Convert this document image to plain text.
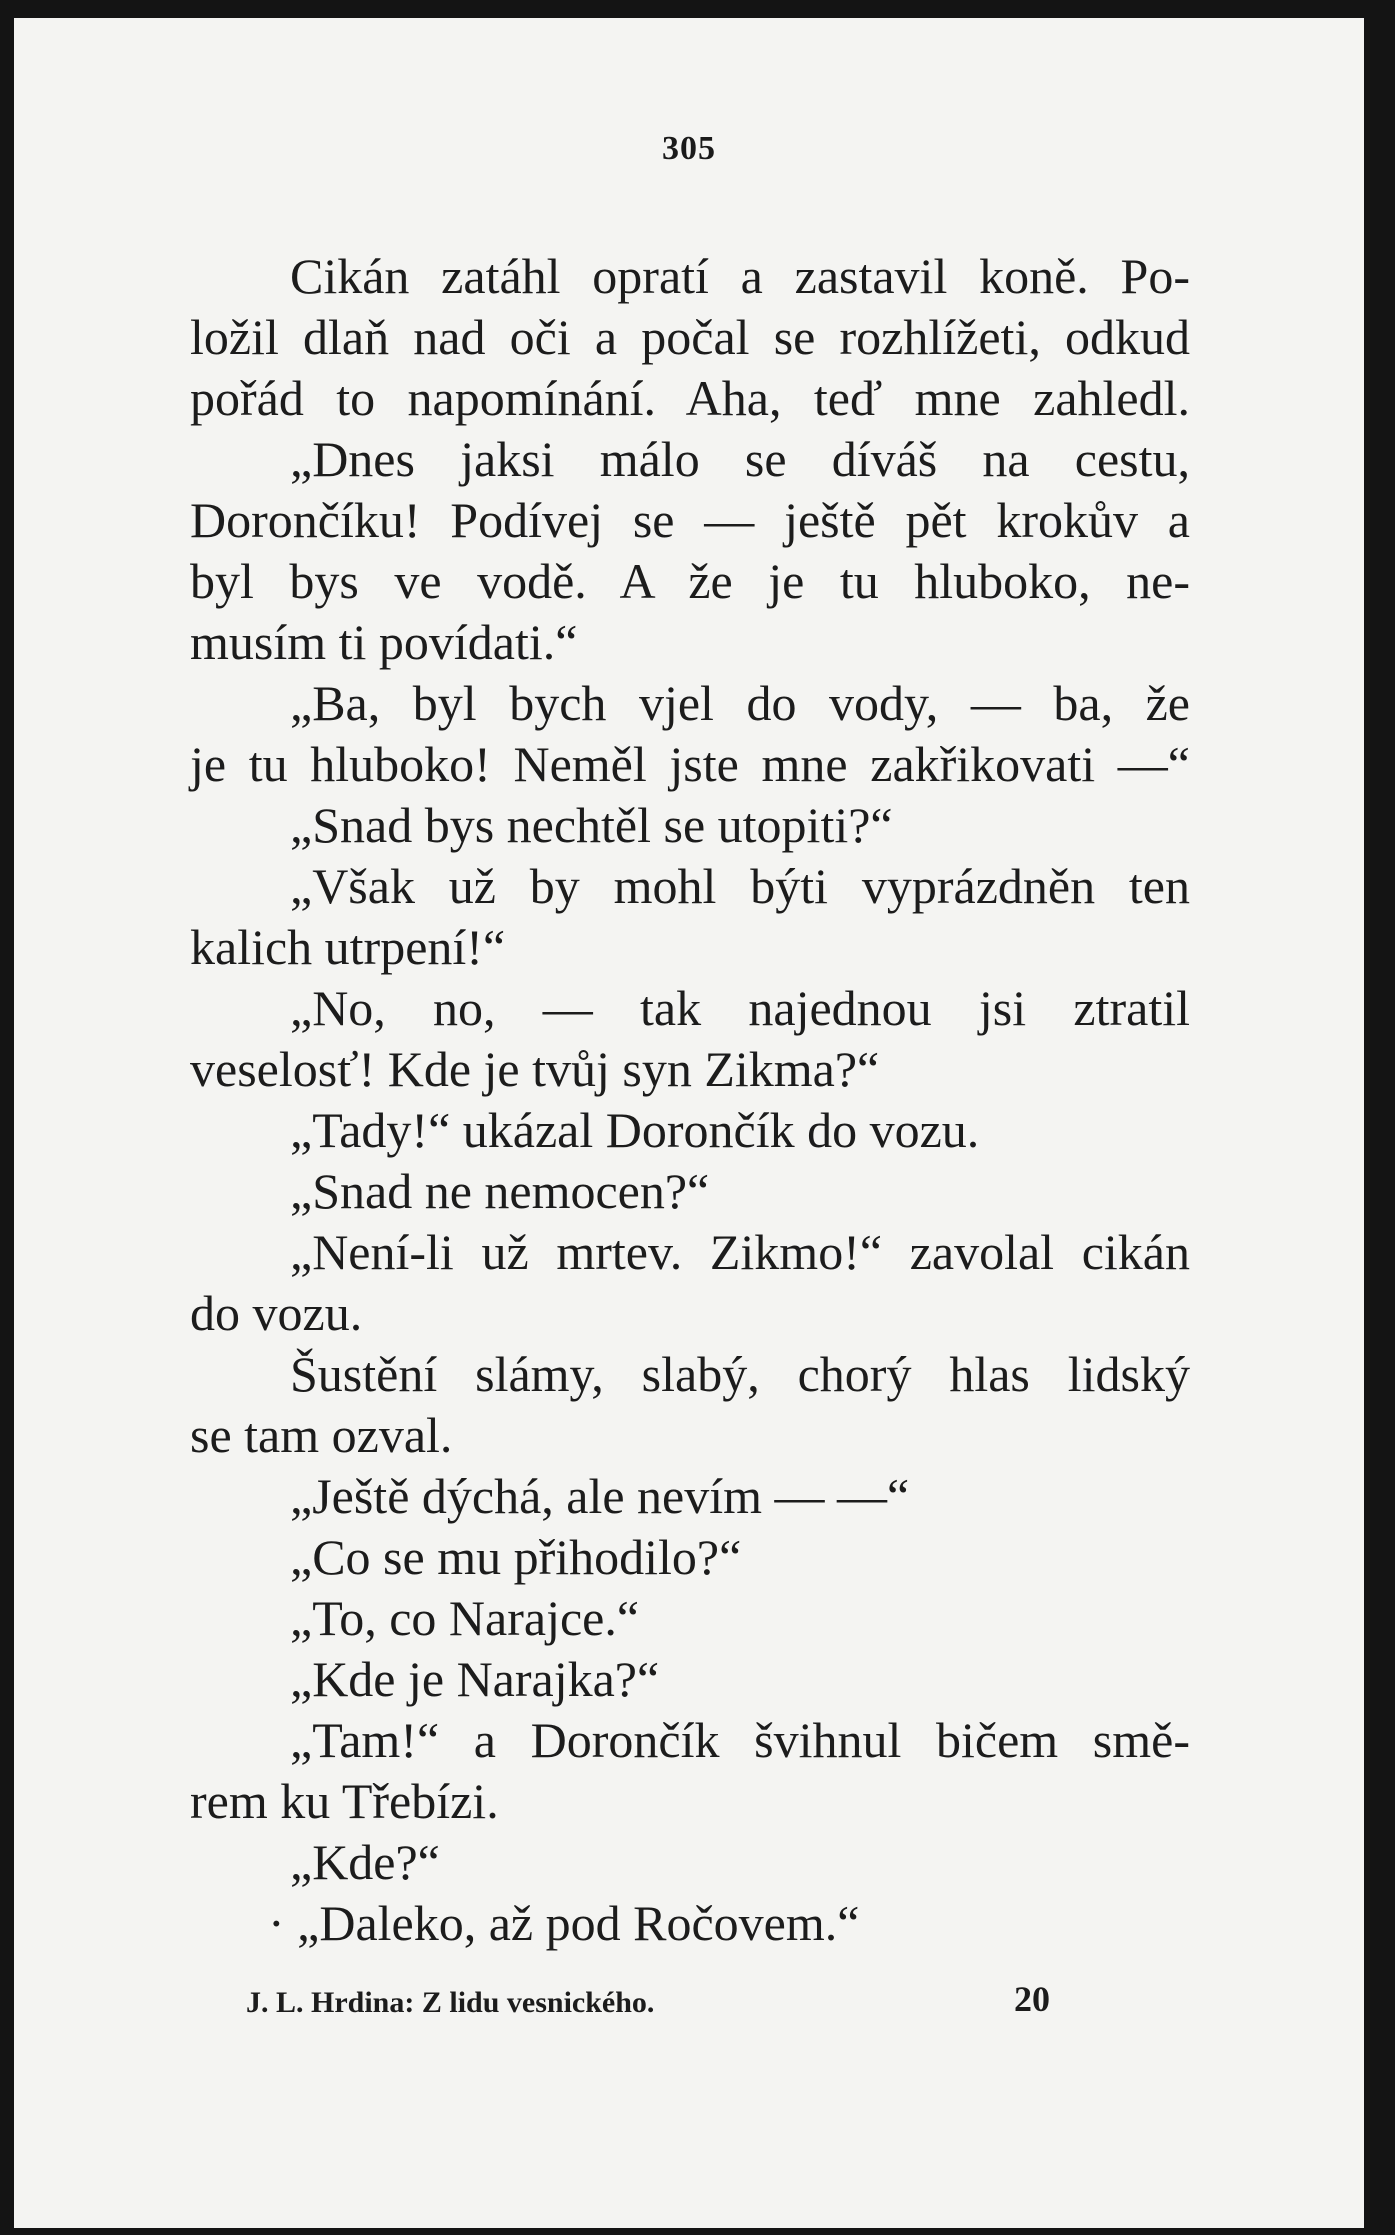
305
Cikán zatáhl opratí a zastavil koně. Po-
ložil dlaň nad oči a počal se rozhlížeti, odkud
pořád to napomínání. Aha, teď mne zahledl.
„Dnes jaksi málo se díváš na cestu,
Dorončíku! Podívej se — ještě pět krokův a
byl bys ve vodě. A že je tu hluboko, ne-
musím ti povídati.“
„Ba, byl bych vjel do vody, — ba, že
je tu hluboko! Neměl jste mne zakřikovati —“
„Snad bys nechtěl se utopiti?“
„Však už by mohl býti vyprázdněn ten
kalich utrpení!“
„No, no, — tak najednou jsi ztratil
veselosť! Kde je tvůj syn Zikma?“
„Tady!“ ukázal Dorončík do vozu.
„Snad ne nemocen?“
„Není-li už mrtev. Zikmo!“ zavolal cikán
do vozu.
Šustění slámy, slabý, chorý hlas lidský
se tam ozval.
„Ještě dýchá, ale nevím — —“
„Co se mu přihodilo?“
„To, co Narajce.“
„Kde je Narajka?“
„Tam!“ a Dorončík švihnul bičem smě-
rem ku Třebízi.
„Kde?“
· „Daleko, až pod Ročovem.“
J. L. Hrdina: Z lidu vesnického.	20
